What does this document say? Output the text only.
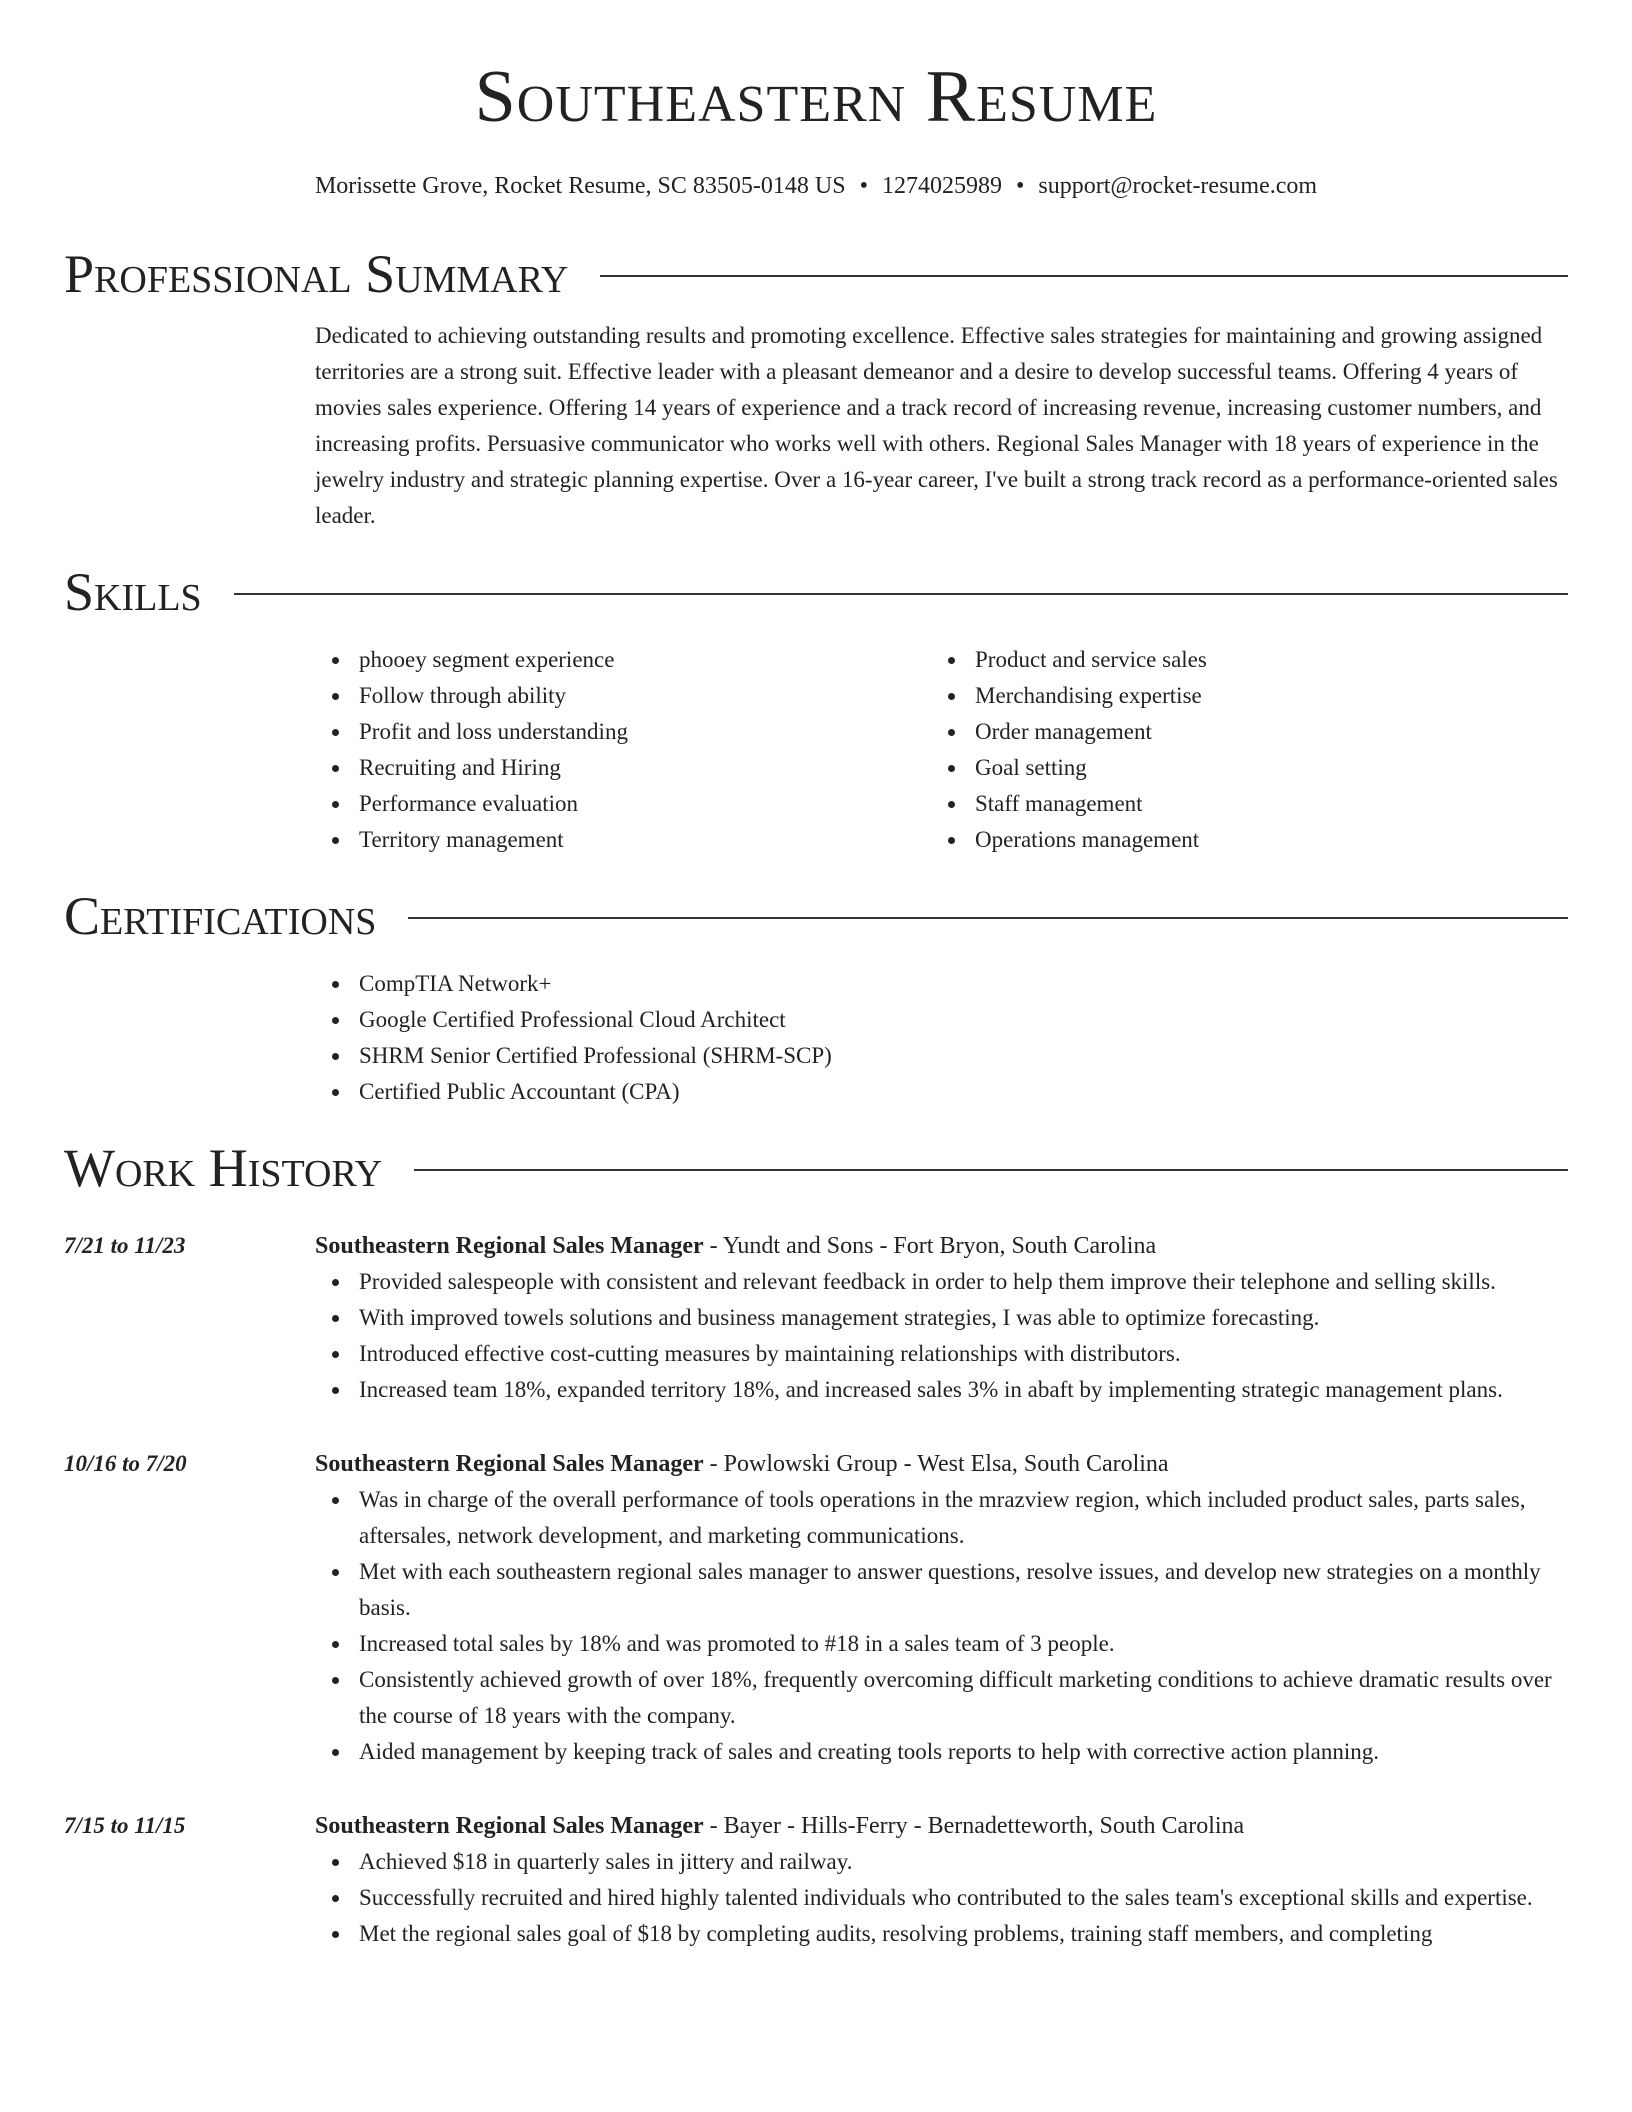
Southeastern Resume
Morissette Grove, Rocket Resume, SC 83505-0148 US • 1274025989 • support@rocket-resume.com
Professional Summary
Dedicated to achieving outstanding results and promoting excellence. Effective sales strategies for maintaining and growing assigned territories are a strong suit. Effective leader with a pleasant demeanor and a desire to develop successful teams. Offering 4 years of movies sales experience. Offering 14 years of experience and a track record of increasing revenue, increasing customer numbers, and increasing profits. Persuasive communicator who works well with others. Regional Sales Manager with 18 years of experience in the jewelry industry and strategic planning expertise. Over a 16-year career, I've built a strong track record as a performance-oriented sales leader.
Skills
phooey segment experience
Follow through ability
Profit and loss understanding
Recruiting and Hiring
Performance evaluation
Territory management
Product and service sales
Merchandising expertise
Order management
Goal setting
Staff management
Operations management
Certifications
CompTIA Network+
Google Certified Professional Cloud Architect
SHRM Senior Certified Professional (SHRM-SCP)
Certified Public Accountant (CPA)
Work History
7/21 to 11/23	Southeastern Regional Sales Manager - Yundt and Sons - Fort Bryon, South Carolina
Provided salespeople with consistent and relevant feedback in order to help them improve their telephone and selling skills.
With improved towels solutions and business management strategies, I was able to optimize forecasting.
Introduced effective cost-cutting measures by maintaining relationships with distributors.
Increased team 18%, expanded territory 18%, and increased sales 3% in abaft by implementing strategic management plans.
10/16 to 7/20	Southeastern Regional Sales Manager - Powlowski Group - West Elsa, South Carolina
Was in charge of the overall performance of tools operations in the mrazview region, which included product sales, parts sales, aftersales, network development, and marketing communications.
Met with each southeastern regional sales manager to answer questions, resolve issues, and develop new strategies on a monthly basis.
Increased total sales by 18% and was promoted to #18 in a sales team of 3 people.
Consistently achieved growth of over 18%, frequently overcoming difficult marketing conditions to achieve dramatic results over the course of 18 years with the company.
Aided management by keeping track of sales and creating tools reports to help with corrective action planning.
7/15 to 11/15	Southeastern Regional Sales Manager - Bayer - Hills-Ferry - Bernadetteworth, South Carolina
Achieved $18 in quarterly sales in jittery and railway.
Successfully recruited and hired highly talented individuals who contributed to the sales team's exceptional skills and expertise.
Met the regional sales goal of $18 by completing audits, resolving problems, training staff members, and completing
